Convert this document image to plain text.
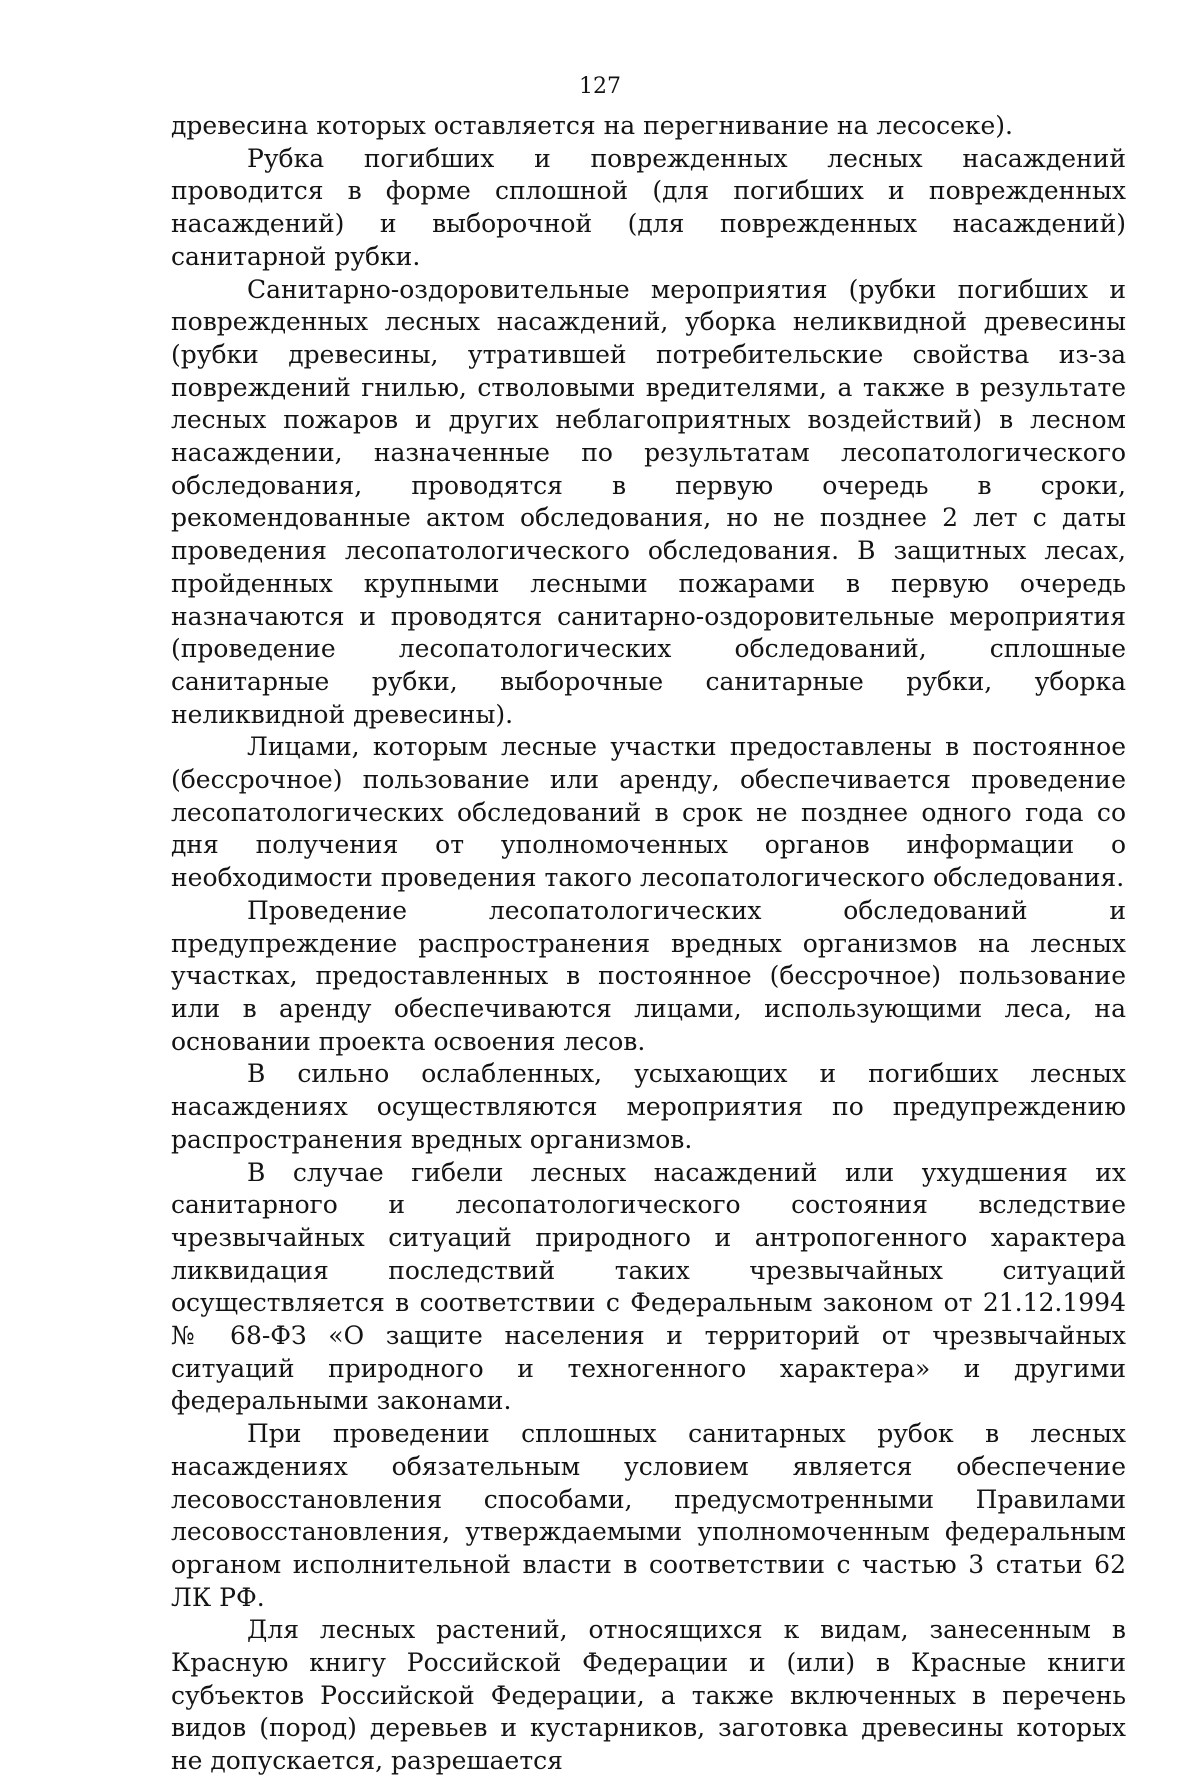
127

древесина которых оставляется на перегнивание на лесосеке).

Рубка погибших и поврежденных лесных насаждений проводится в форме сплошной (для погибших и поврежденных насаждений) и выборочной (для поврежденных насаждений) санитарной рубки.

Санитарно-оздоровительные мероприятия (рубки погибших и поврежденных лесных насаждений, уборка неликвидной древесины (рубки древесины, утратившей потребительские свойства из-за повреждений гнилью, стволовыми вредителями, а также в результате лесных пожаров и других неблагоприятных воздействий) в лесном насаждении, назначенные по результатам лесопатологического обследования, проводятся в первую очередь в сроки, рекомендованные актом обследования, но не позднее 2 лет с даты проведения лесопатологического обследования. В защитных лесах, пройденных крупными лесными пожарами в первую очередь назначаются и проводятся санитарно-оздоровительные мероприятия (проведение лесопатологических обследований, сплошные санитарные рубки, выборочные санитарные рубки, уборка неликвидной древесины).

Лицами, которым лесные участки предоставлены в постоянное (бессрочное) пользование или аренду, обеспечивается проведение лесопатологических обследований в срок не позднее одного года со дня получения от уполномоченных органов информации о необходимости проведения такого лесопатологического обследования.

Проведение лесопатологических обследований и предупреждение распространения вредных организмов на лесных участках, предоставленных в постоянное (бессрочное) пользование или в аренду обеспечиваются лицами, использующими леса, на основании проекта освоения лесов.

В сильно ослабленных, усыхающих и погибших лесных насаждениях осуществляются мероприятия по предупреждению распространения вредных организмов.

В случае гибели лесных насаждений или ухудшения их санитарного и лесопатологического состояния вследствие чрезвычайных ситуаций природного и антропогенного характера ликвидация последствий таких чрезвычайных ситуаций осуществляется в соответствии с Федеральным законом от 21.12.1994 № 68-ФЗ «О защите населения и территорий от чрезвычайных ситуаций природного и техногенного характера» и другими федеральными законами.

При проведении сплошных санитарных рубок в лесных насаждениях обязательным условием является обеспечение лесовосстановления способами, предусмотренными Правилами лесовосстановления, утверждаемыми уполномоченным федеральным органом исполнительной власти в соответствии с частью 3 статьи 62 ЛК РФ.

Для лесных растений, относящихся к видам, занесенным в Красную книгу Российской Федерации и (или) в Красные книги субъектов Российской Федерации, а также включенных в перечень видов (пород) деревьев и кустарников, заготовка древесины которых не допускается, разрешается
